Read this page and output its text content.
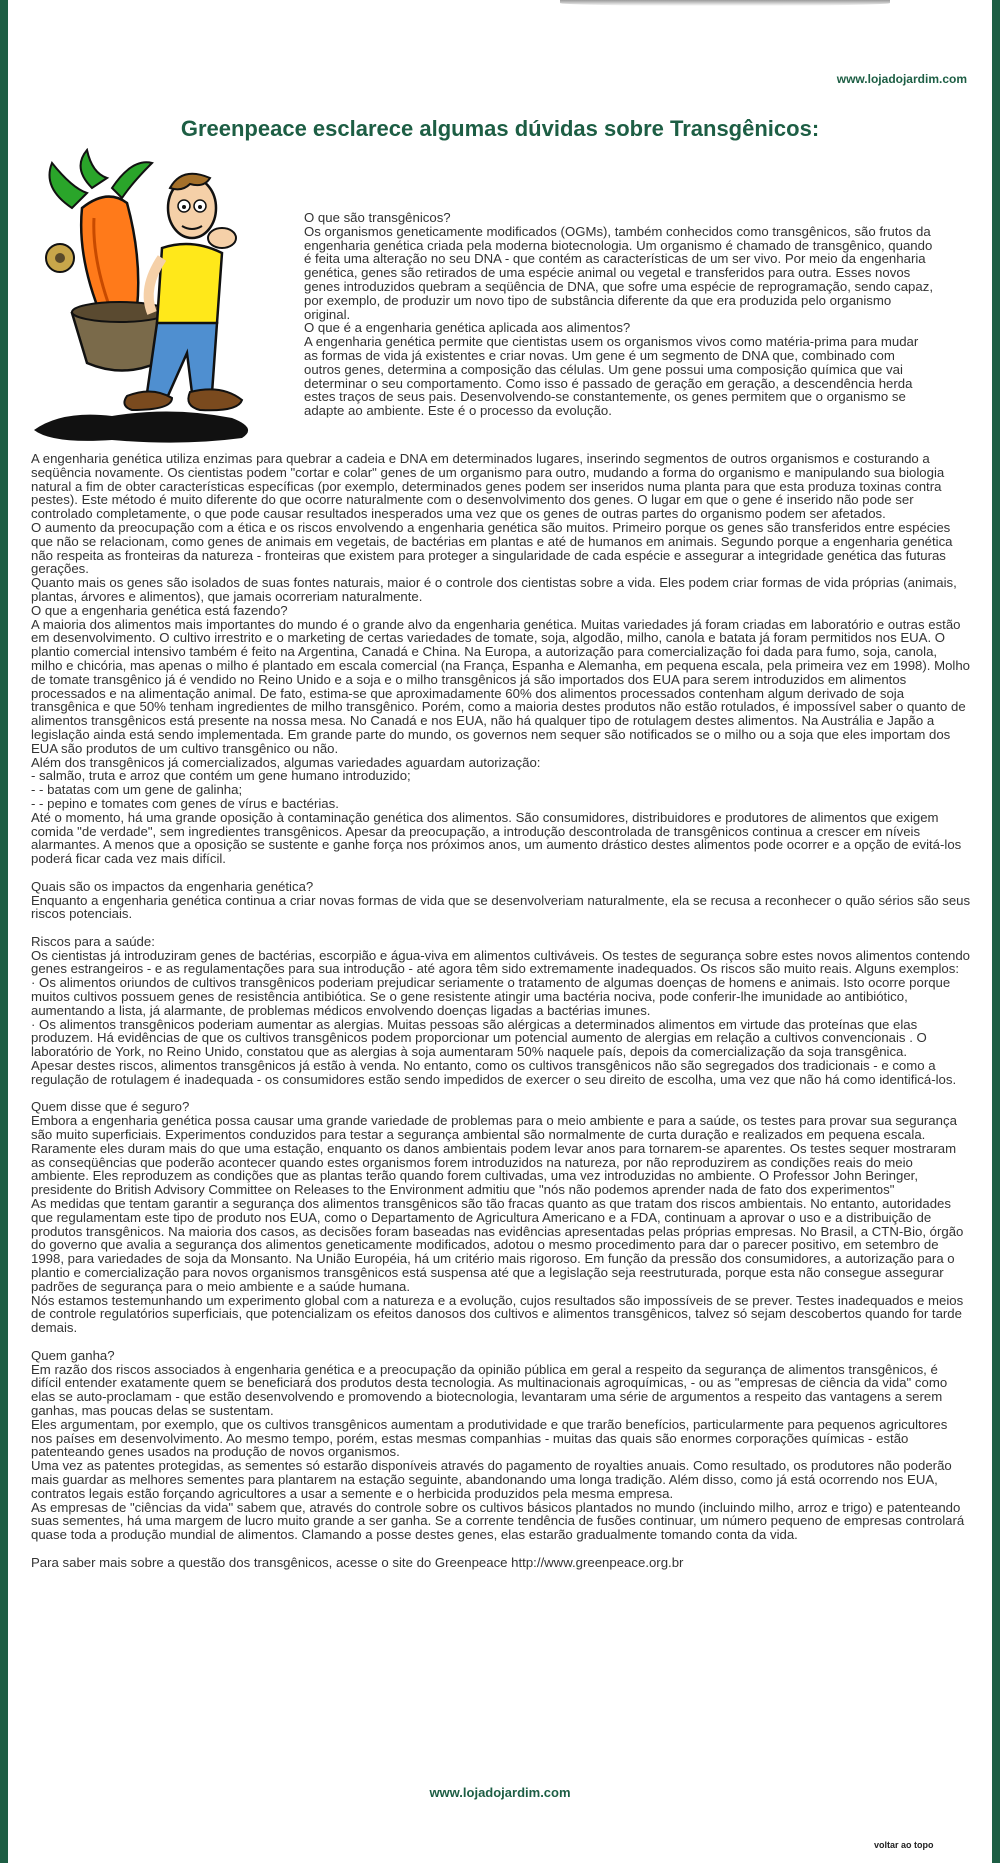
www.lojadojardim.com
Greenpeace esclarece algumas dúvidas sobre Transgênicos:
O que são transgênicos?
Os organismos geneticamente modificados (OGMs), também conhecidos como transgênicos, são frutos da engenharia genética criada pela moderna biotecnologia. Um organismo é chamado de transgênico, quando é feita uma alteração no seu DNA - que contém as características de um ser vivo. Por meio da engenharia genética, genes são retirados de uma espécie animal ou vegetal e transferidos para outra. Esses novos genes introduzidos quebram a seqüência de DNA, que sofre uma espécie de reprogramação, sendo capaz, por exemplo, de produzir um novo tipo de substância diferente da que era produzida pelo organismo original.
O que é a engenharia genética aplicada aos alimentos?
A engenharia genética permite que cientistas usem os organismos vivos como matéria-prima para mudar as formas de vida já existentes e criar novas. Um gene é um segmento de DNA que, combinado com outros genes, determina a composição das células. Um gene possui uma composição química que vai determinar o seu comportamento. Como isso é passado de geração em geração, a descendência herda estes traços de seus pais. Desenvolvendo-se constantemente, os genes permitem que o organismo se adapte ao ambiente. Este é o processo da evolução.
A engenharia genética utiliza enzimas para quebrar a cadeia e DNA em determinados lugares, inserindo segmentos de outros organismos e costurando a seqüência novamente. Os cientistas podem "cortar e colar" genes de um organismo para outro, mudando a forma do organismo e manipulando sua biologia natural a fim de obter características específicas (por exemplo, determinados genes podem ser inseridos numa planta para que esta produza toxinas contra pestes). Este método é muito diferente do que ocorre naturalmente com o desenvolvimento dos genes. O lugar em que o gene é inserido não pode ser controlado completamente, o que pode causar resultados inesperados uma vez que os genes de outras partes do organismo podem ser afetados.
O aumento da preocupação com a ética e os riscos envolvendo a engenharia genética são muitos. Primeiro porque os genes são transferidos entre espécies que não se relacionam, como genes de animais em vegetais, de bactérias em plantas e até de humanos em animais. Segundo porque a engenharia genética não respeita as fronteiras da natureza - fronteiras que existem para proteger a singularidade de cada espécie e assegurar a integridade genética das futuras gerações.
Quanto mais os genes são isolados de suas fontes naturais, maior é o controle dos cientistas sobre a vida. Eles podem criar formas de vida próprias (animais, plantas, árvores e alimentos), que jamais ocorreriam naturalmente.
O que a engenharia genética está fazendo?
A maioria dos alimentos mais importantes do mundo é o grande alvo da engenharia genética. Muitas variedades já foram criadas em laboratório e outras estão em desenvolvimento. O cultivo irrestrito e o marketing de certas variedades de tomate, soja, algodão, milho, canola e batata já foram permitidos nos EUA. O plantio comercial intensivo também é feito na Argentina, Canadá e China. Na Europa, a autorização para comercialização foi dada para fumo, soja, canola, milho e chicória, mas apenas o milho é plantado em escala comercial (na França, Espanha e Alemanha, em pequena escala, pela primeira vez em 1998). Molho de tomate transgênico já é vendido no Reino Unido e a soja e o milho transgênicos já são importados dos EUA para serem introduzidos em alimentos processados e na alimentação animal. De fato, estima-se que aproximadamente 60% dos alimentos processados contenham algum derivado de soja transgênica e que 50% tenham ingredientes de milho transgênico. Porém, como a maioria destes produtos não estão rotulados, é impossível saber o quanto de alimentos transgênicos está presente na nossa mesa. No Canadá e nos EUA, não há qualquer tipo de rotulagem destes alimentos. Na Austrália e Japão a legislação ainda está sendo implementada. Em grande parte do mundo, os governos nem sequer são notificados se o milho ou a soja que eles importam dos EUA são produtos de um cultivo transgênico ou não.
Além dos transgênicos já comercializados, algumas variedades aguardam autorização:
- salmão, truta e arroz que contém um gene humano introduzido;
- - batatas com um gene de galinha;
- - pepino e tomates com genes de vírus e bactérias.
Até o momento, há uma grande oposição à contaminação genética dos alimentos. São consumidores, distribuidores e produtores de alimentos que exigem comida "de verdade", sem ingredientes transgênicos. Apesar da preocupação, a introdução descontrolada de transgênicos continua a crescer em níveis alarmantes. A menos que a oposição se sustente e ganhe força nos próximos anos, um aumento drástico destes alimentos pode ocorrer e a opção de evitá-los poderá ficar cada vez mais difícil.
Quais são os impactos da engenharia genética?
Enquanto a engenharia genética continua a criar novas formas de vida que se desenvolveriam naturalmente, ela se recusa a reconhecer o quão sérios são seus riscos potenciais.
Riscos para a saúde:
Os cientistas já introduziram genes de bactérias, escorpião e água-viva em alimentos cultiváveis. Os testes de segurança sobre estes novos alimentos contendo genes estrangeiros - e as regulamentações para sua introdução - até agora têm sido extremamente inadequados. Os riscos são muito reais. Alguns exemplos:
· Os alimentos oriundos de cultivos transgênicos poderiam prejudicar seriamente o tratamento de algumas doenças de homens e animais. Isto ocorre porque muitos cultivos possuem genes de resistência antibiótica. Se o gene resistente atingir uma bactéria nociva, pode conferir-lhe imunidade ao antibiótico, aumentando a lista, já alarmante, de problemas médicos envolvendo doenças ligadas a bactérias imunes.
· Os alimentos transgênicos poderiam aumentar as alergias. Muitas pessoas são alérgicas a determinados alimentos em virtude das proteínas que elas produzem. Há evidências de que os cultivos transgênicos podem proporcionar um potencial aumento de alergias em relação a cultivos convencionais . O laboratório de York, no Reino Unido, constatou que as alergias à soja aumentaram 50% naquele país, depois da comercialização da soja transgênica.
Apesar destes riscos, alimentos transgênicos já estão à venda. No entanto, como os cultivos transgênicos não são segregados dos tradicionais - e como a regulação de rotulagem é inadequada - os consumidores estão sendo impedidos de exercer o seu direito de escolha, uma vez que não há como identificá-los.
Quem disse que é seguro?
Embora a engenharia genética possa causar uma grande variedade de problemas para o meio ambiente e para a saúde, os testes para provar sua segurança são muito superficiais. Experimentos conduzidos para testar a segurança ambiental são normalmente de curta duração e realizados em pequena escala. Raramente eles duram mais do que uma estação, enquanto os danos ambientais podem levar anos para tornarem-se aparentes. Os testes sequer mostraram as conseqüências que poderão acontecer quando estes organismos forem introduzidos na natureza, por não reproduzirem as condições reais do meio ambiente. Eles reproduzem as condições que as plantas terão quando forem cultivadas, uma vez introduzidas no ambiente. O Professor John Beringer, presidente do British Advisory Committee on Releases to the Environment admitiu que "nós não podemos aprender nada de fato dos experimentos"
As medidas que tentam garantir a segurança dos alimentos transgênicos são tão fracas quanto as que tratam dos riscos ambientais. No entanto, autoridades que regulamentam este tipo de produto nos EUA, como o Departamento de Agricultura Americano e a FDA, continuam a aprovar o uso e a distribuição de produtos transgênicos. Na maioria dos casos, as decisões foram baseadas nas evidências apresentadas pelas próprias empresas. No Brasil, a CTN-Bio, órgão do governo que avalia a segurança dos alimentos geneticamente modificados, adotou o mesmo procedimento para dar o parecer positivo, em setembro de 1998, para variedades de soja da Monsanto. Na União Européia, há um critério mais rigoroso. Em função da pressão dos consumidores, a autorização para o plantio e comercialização para novos organismos transgênicos está suspensa até que a legislação seja reestruturada, porque esta não consegue assegurar padrões de segurança para o meio ambiente e a saúde humana.
Nós estamos testemunhando um experimento global com a natureza e a evolução, cujos resultados são impossíveis de se prever. Testes inadequados e meios de controle regulatórios superficiais, que potencializam os efeitos danosos dos cultivos e alimentos transgênicos, talvez só sejam descobertos quando for tarde demais.
Quem ganha?
Em razão dos riscos associados à engenharia genética e a preocupação da opinião pública em geral a respeito da segurança de alimentos transgênicos, é difícil entender exatamente quem se beneficiará dos produtos desta tecnologia. As multinacionais agroquímicas, - ou as "empresas de ciência da vida" como elas se auto-proclamam - que estão desenvolvendo e promovendo a biotecnologia, levantaram uma série de argumentos a respeito das vantagens a serem ganhas, mas poucas delas se sustentam.
Eles argumentam, por exemplo, que os cultivos transgênicos aumentam a produtividade e que trarão benefícios, particularmente para pequenos agricultores nos países em desenvolvimento. Ao mesmo tempo, porém, estas mesmas companhias - muitas das quais são enormes corporações químicas - estão patenteando genes usados na produção de novos organismos.
Uma vez as patentes protegidas, as sementes só estarão disponíveis através do pagamento de royalties anuais. Como resultado, os produtores não poderão mais guardar as melhores sementes para plantarem na estação seguinte, abandonando uma longa tradição. Além disso, como já está ocorrendo nos EUA, contratos legais estão forçando agricultores a usar a semente e o herbicida produzidos pela mesma empresa.
As empresas de "ciências da vida" sabem que, através do controle sobre os cultivos básicos plantados no mundo (incluindo milho, arroz e trigo) e patenteando suas sementes, há uma margem de lucro muito grande a ser ganha. Se a corrente tendência de fusões continuar, um número pequeno de empresas controlará quase toda a produção mundial de alimentos. Clamando a posse destes genes, elas estarão gradualmente tomando conta da vida.
Para saber mais sobre a questão dos transgênicos, acesse o site do Greenpeace http://www.greenpeace.org.br
www.lojadojardim.com
voltar ao topo
